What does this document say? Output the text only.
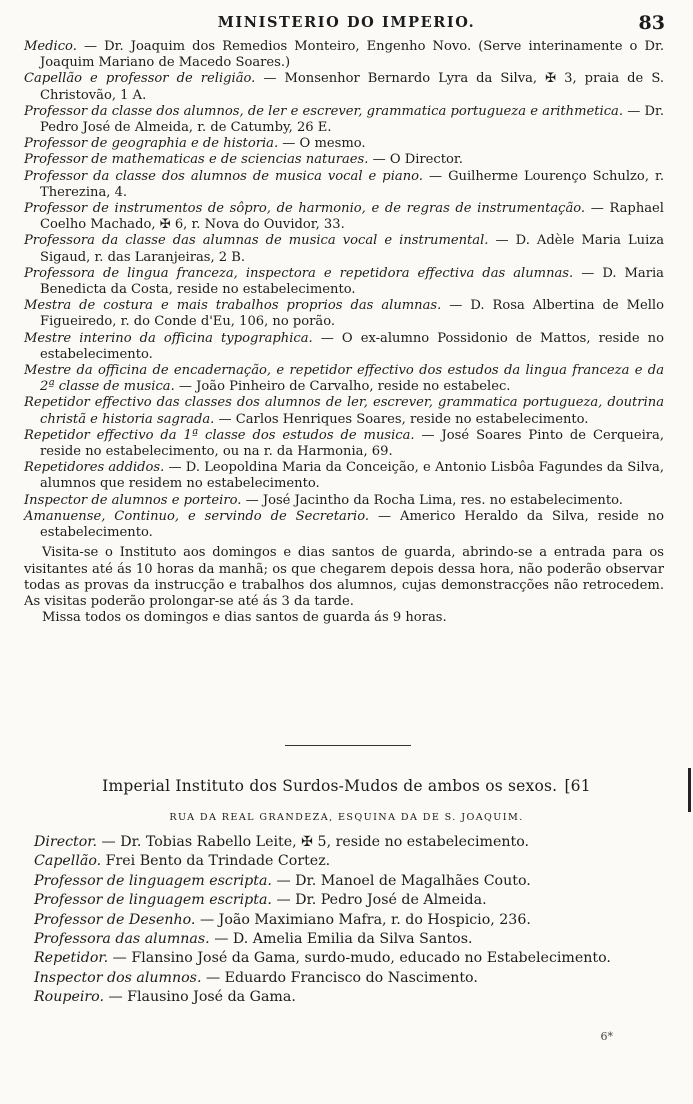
MINISTERIO DO IMPERIO.	83

Medico. — Dr. Joaquim dos Remedios Monteiro, Engenho Novo. (Serve interinamente o Dr. Joaquim Mariano de Macedo Soares.)

Capellão e professor de religião. — Monsenhor Bernardo Lyra da Silva, ✠ 3, praia de S. Christovão, 1 A.

Professor da classe dos alumnos, de ler e escrever, grammatica portugueza e arithmetica. — Dr. Pedro José de Almeida, r. de Catumby, 26 E.

Professor de geographia e de historia. — O mesmo.

Professor de mathematicas e de sciencias naturaes. — O Director.

Professor da classe dos alumnos de musica vocal e piano. — Guilherme Lourenço Schulzo, r. Therezina, 4.

Professor de instrumentos de sôpro, de harmonio, e de regras de instrumentação. — Raphael Coelho Machado, ✠ 6, r. Nova do Ouvidor, 33.

Professora da classe das alumnas de musica vocal e instrumental. — D. Adèle Maria Luiza Sigaud, r. das Laranjeiras, 2 B.

Professora de lingua franceza, inspectora e repetidora effectiva das alumnas. — D. Maria Benedicta da Costa, reside no estabelecimento.

Mestra de costura e mais trabalhos proprios das alumnas. — D. Rosa Albertina de Mello Figueiredo, r. do Conde d'Eu, 106, no porão.

Mestre interino da officina typographica. — O ex-alumno Possidonio de Mattos, reside no estabelecimento.

Mestre da officina de encadernação, e repetidor effectivo dos estudos da lingua franceza e da 2ª classe de musica. — João Pinheiro de Carvalho, reside no estabelec.

Repetidor effectivo das classes dos alumnos de ler, escrever, grammatica portugueza, doutrina christã e historia sagrada. — Carlos Henriques Soares, reside no estabelecimento.

Repetidor effectivo da 1ª classe dos estudos de musica. — José Soares Pinto de Cerqueira, reside no estabelecimento, ou na r. da Harmonia, 69.

Repetidores addidos. — D. Leopoldina Maria da Conceição, e Antonio Lisbôa Fagundes da Silva, alumnos que residem no estabelecimento.

Inspector de alumnos e porteiro. — José Jacintho da Rocha Lima, res. no estabelecimento.

Amanuense, Continuo, e servindo de Secretario. — Americo Heraldo da Silva, reside no estabelecimento.

Visita-se o Instituto aos domingos e dias santos de guarda, abrindo-se a entrada para os visitantes até ás 10 horas da manhã; os que chegarem depois dessa hora, não poderão observar todas as provas da instrucção e trabalhos dos alumnos, cujas demonstracções não retrocedem. As visitas poderão prolongar-se até ás 3 da tarde.

Missa todos os domingos e dias santos de guarda ás 9 horas.

Imperial Instituto dos Surdos-Mudos de ambos os sexos. [61
RUA DA REAL GRANDEZA, ESQUINA DA DE S. JOAQUIM.

Director. — Dr. Tobias Rabello Leite, ✠ 5, reside no estabelecimento.

Capellão. Frei Bento da Trindade Cortez.

Professor de linguagem escripta. — Dr. Manoel de Magalhães Couto.

Professor de linguagem escripta. — Dr. Pedro José de Almeida.

Professor de Desenho. — João Maximiano Mafra, r. do Hospicio, 236.

Professora das alumnas. — D. Amelia Emilia da Silva Santos.

Repetidor. — Flansino José da Gama, surdo-mudo, educado no Estabelecimento.

Inspector dos alumnos. — Eduardo Francisco do Nascimento.

Roupeiro. — Flausino José da Gama.

6*
